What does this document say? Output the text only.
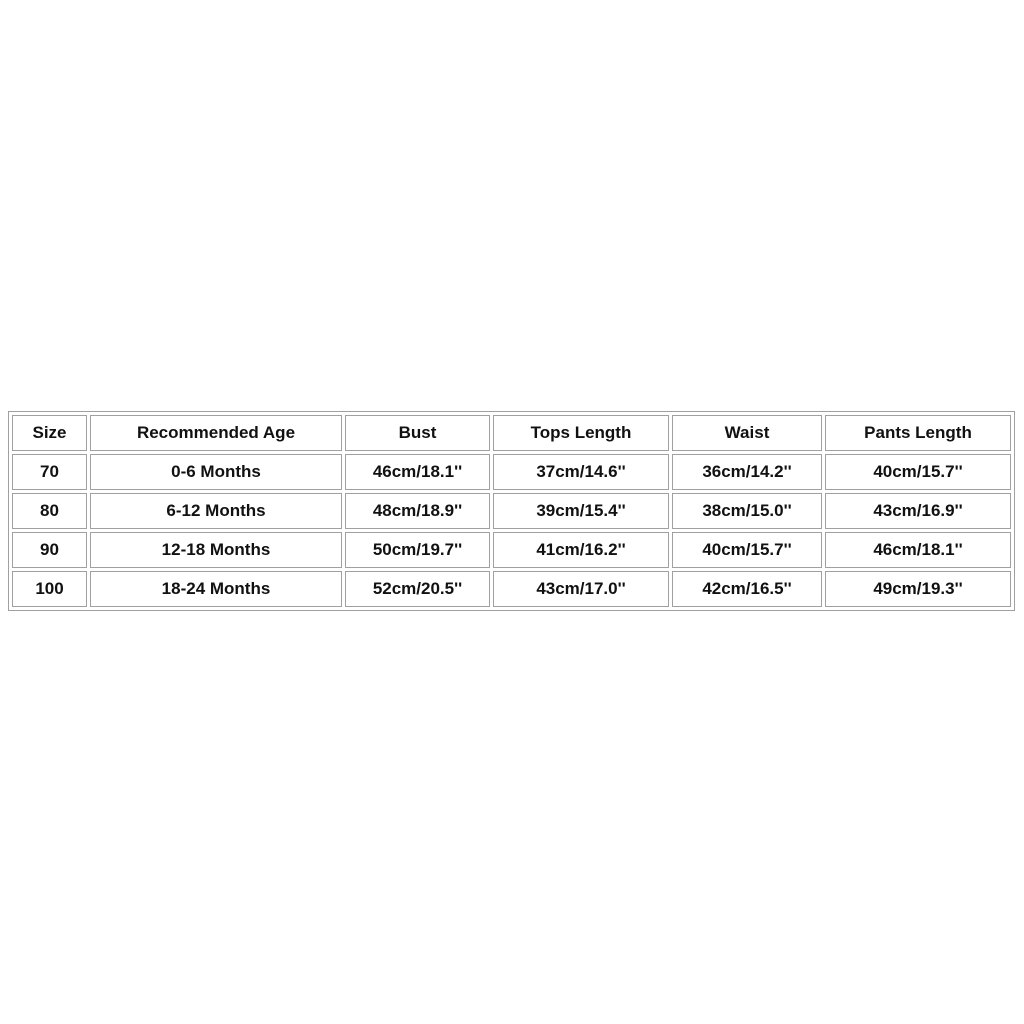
Size	Recommended Age	Bust	Tops Length	Waist	Pants Length
70	0-6 Months	46cm/18.1''	37cm/14.6''	36cm/14.2''	40cm/15.7''
80	6-12 Months	48cm/18.9''	39cm/15.4''	38cm/15.0''	43cm/16.9''
90	12-18 Months	50cm/19.7''	41cm/16.2''	40cm/15.7''	46cm/18.1''
100	18-24 Months	52cm/20.5''	43cm/17.0''	42cm/16.5''	49cm/19.3''
